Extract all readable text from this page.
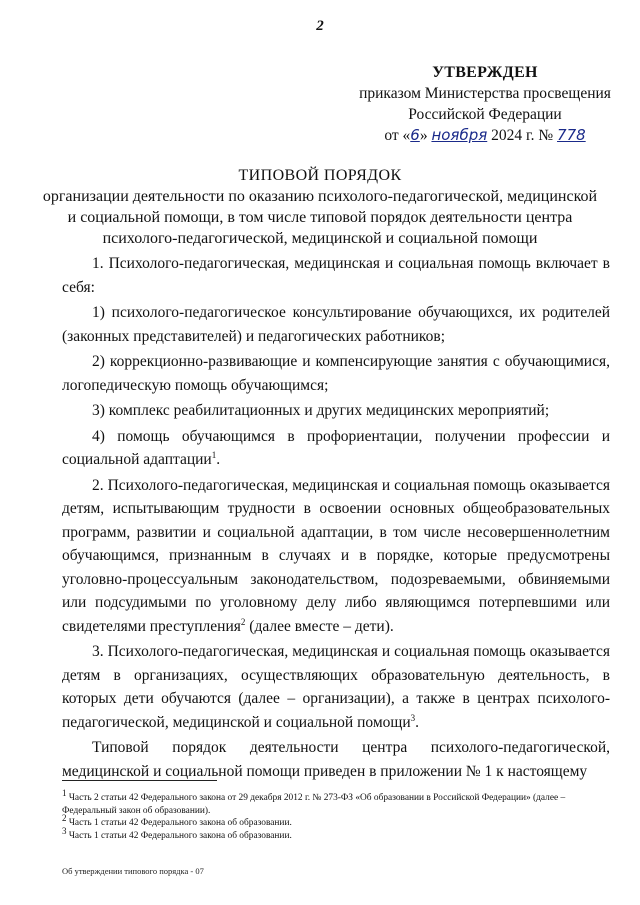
2
УТВЕРЖДЕН
приказом Министерства просвещения
Российской Федерации
от «6» ноября 2024 г. № 778
ТИПОВОЙ ПОРЯДОК
организации деятельности по оказанию психолого-педагогической, медицинской
и социальной помощи, в том числе типовой порядок деятельности центра
психолого-педагогической, медицинской и социальной помощи

1. Психолого-педагогическая, медицинская и социальная помощь включает в себя:

1) психолого-педагогическое консультирование обучающихся, их родителей (законных представителей) и педагогических работников;

2) коррекционно-развивающие и компенсирующие занятия с обучающимися, логопедическую помощь обучающимся;

3) комплекс реабилитационных и других медицинских мероприятий;

4) помощь обучающимся в профориентации, получении профессии и социальной адаптации$^1$.

2. Психолого-педагогическая, медицинская и социальная помощь оказывается детям, испытывающим трудности в освоении основных общеобразовательных программ, развитии и социальной адаптации, в том числе несовершеннолетним обучающимся, признанным в случаях и в порядке, которые предусмотрены уголовно-процессуальным законодательством, подозреваемыми, обвиняемыми или подсудимыми по уголовному делу либо являющимся потерпевшими или свидетелями преступления$^2$ (далее вместе – дети).

3. Психолого-педагогическая, медицинская и социальная помощь оказывается детям в организациях, осуществляющих образовательную деятельность, в которых дети обучаются (далее – организации), а также в центрах психолого-педагогической, медицинской и социальной помощи$^3$.

Типовой порядок деятельности центра психолого-педагогической, медицинской и социальной помощи приведен в приложении № 1 к настоящему

$^1$ Часть 2 статьи 42 Федерального закона от 29 декабря 2012 г. № 273-ФЗ «Об образовании в Российской Федерации» (далее – Федеральный закон об образовании).
$^2$ Часть 1 статьи 42 Федерального закона об образовании.
$^3$ Часть 1 статьи 42 Федерального закона об образовании.
Об утверждении типового порядка - 07
